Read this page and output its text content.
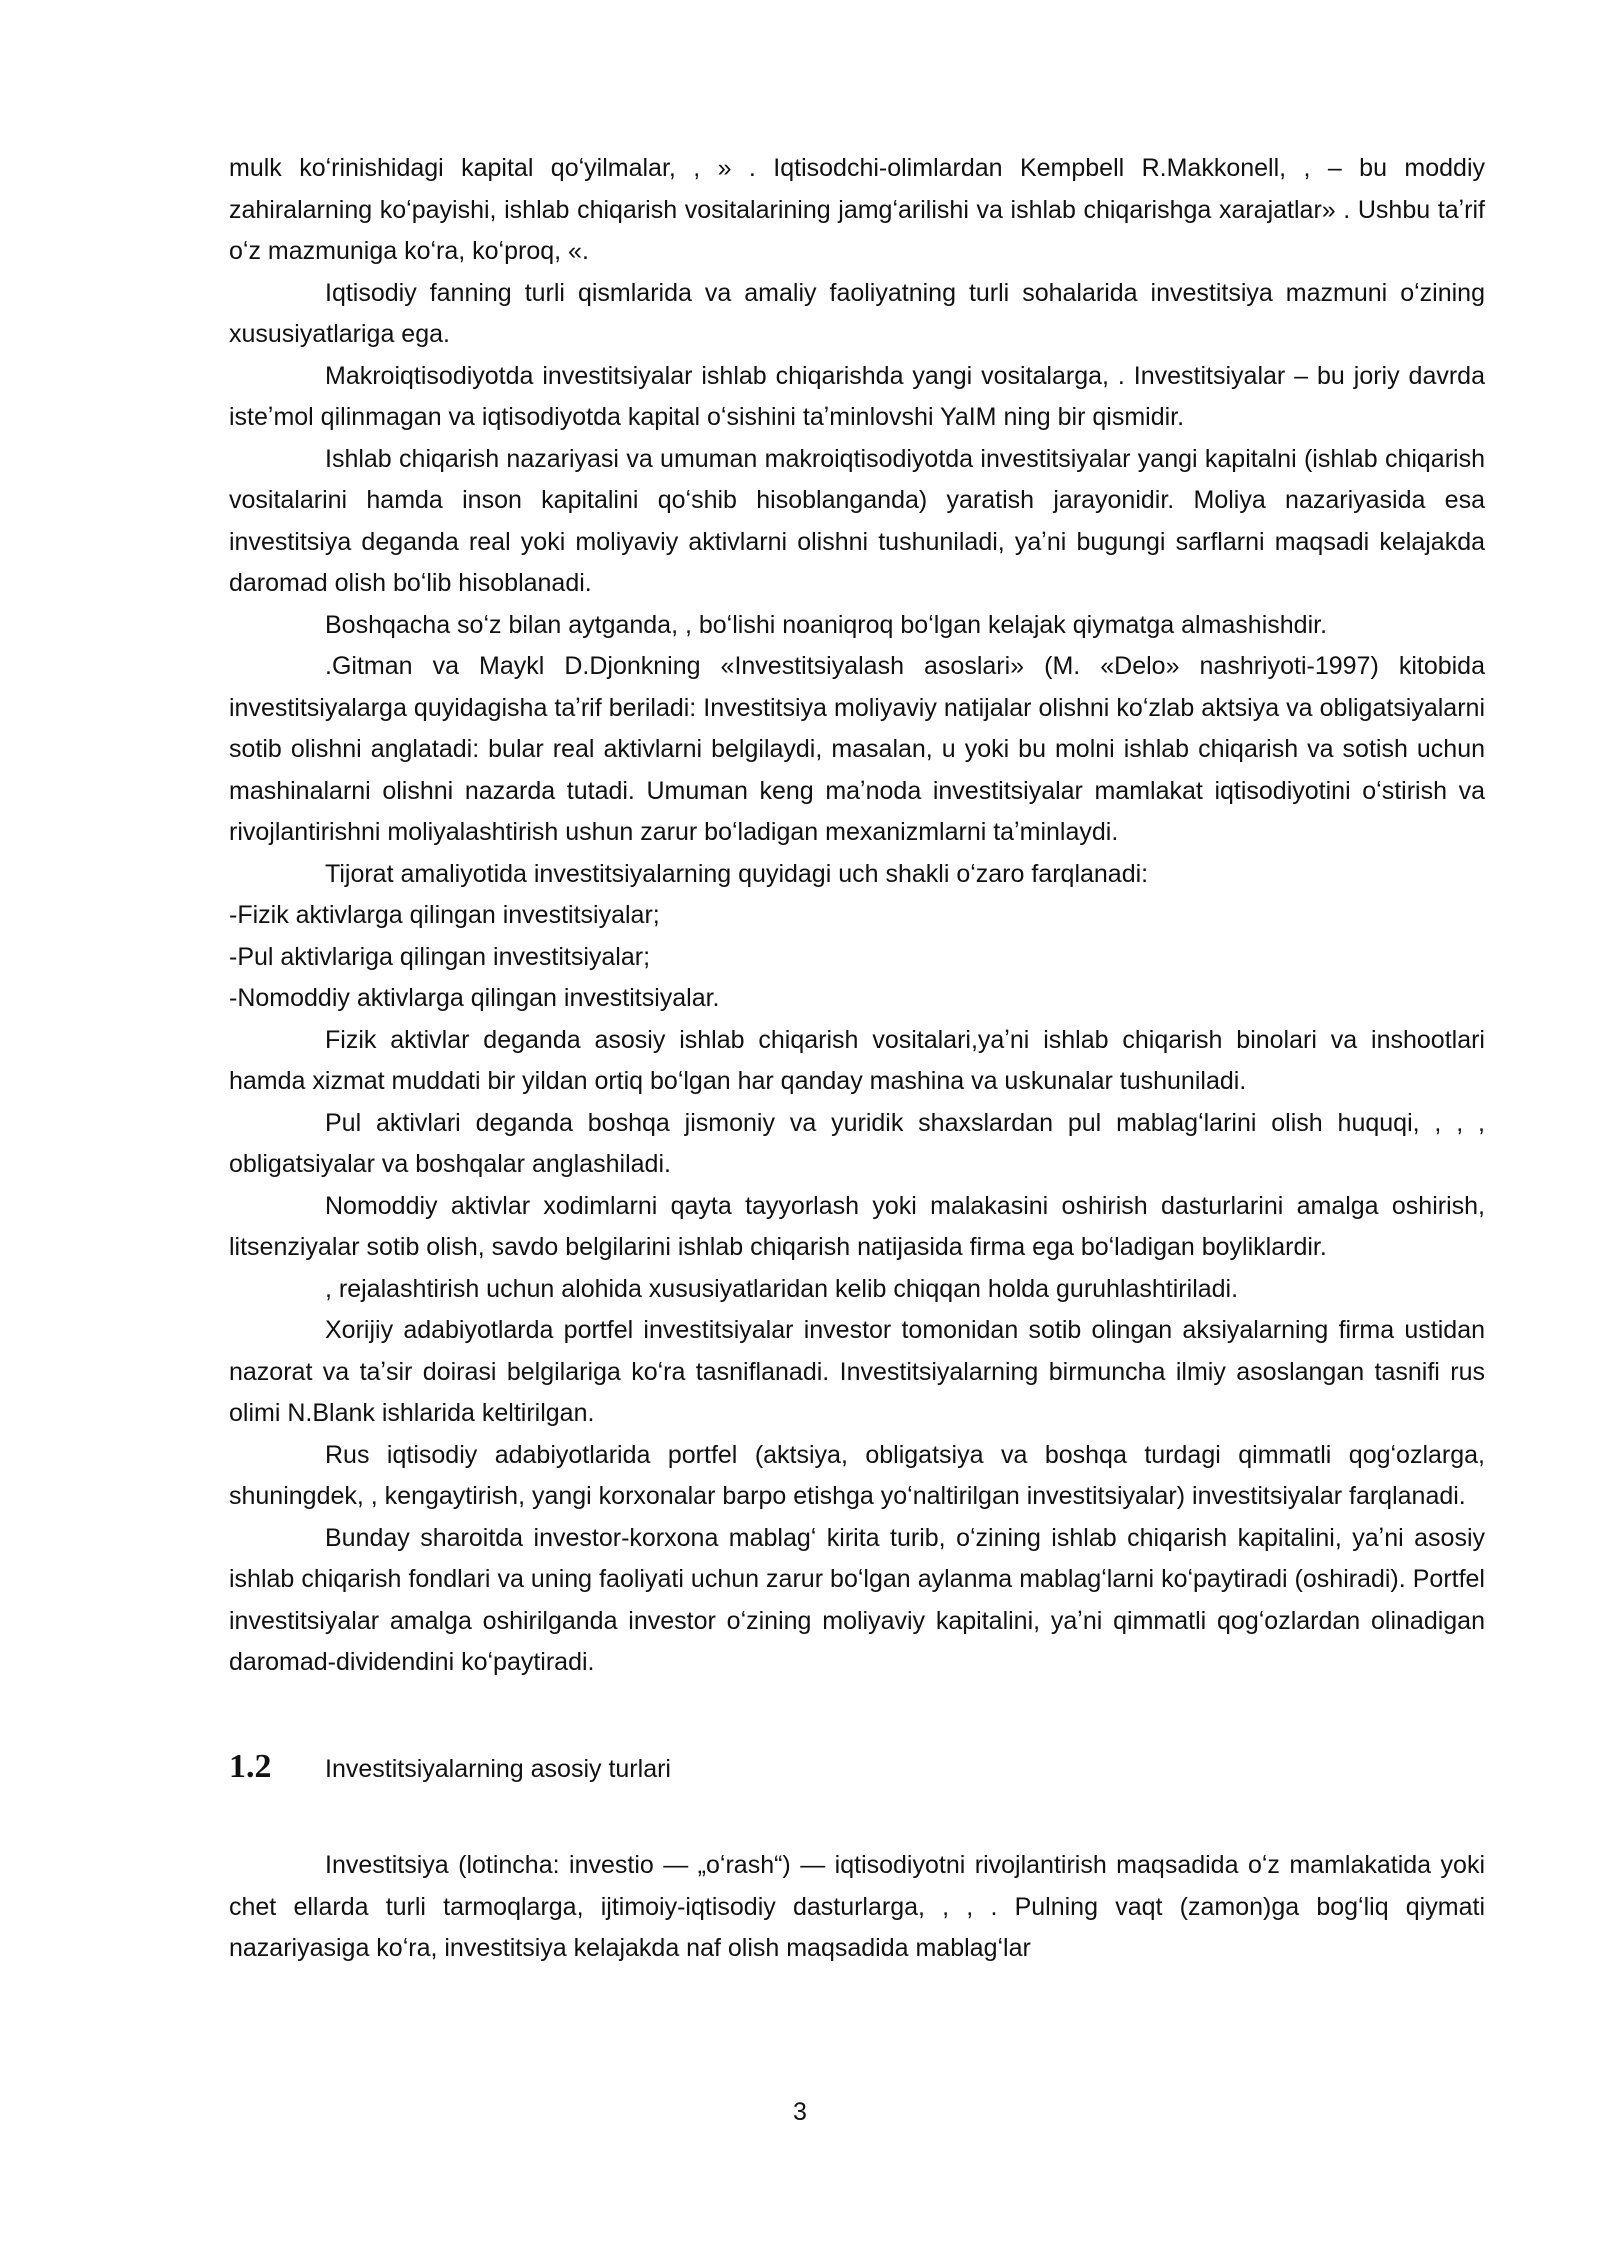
mulk koʻrinishidagi kapital qoʻyilmalar, , » . Iqtisodchi-olimlardan Kempbell R.Makkonell, , – bu moddiy zahiralarning koʻpayishi, ishlab chiqarish vositalarining jamgʻarilishi va ishlab chiqarishga xarajatlar» . Ushbu taʼrif oʻz mazmuniga koʻra, koʻproq, «.

Iqtisodiy fanning turli qismlarida va amaliy faoliyatning turli sohalarida investitsiya mazmuni oʻzining xususiyatlariga ega.

Makroiqtisodiyotda investitsiyalar ishlab chiqarishda yangi vositalarga, . Investitsiyalar – bu joriy davrda isteʼmol qilinmagan va iqtisodiyotda kapital oʻsishini taʼminlovshi YaIM ning bir qismidir.

Ishlab chiqarish nazariyasi va umuman makroiqtisodiyotda investitsiyalar yangi kapitalni (ishlab chiqarish vositalarini hamda inson kapitalini qoʻshib hisoblanganda) yaratish jarayonidir. Moliya nazariyasida esa investitsiya deganda real yoki moliyaviy aktivlarni olishni tushuniladi, yaʼni bugungi sarflarni maqsadi kelajakda daromad olish boʻlib hisoblanadi.

Boshqacha soʻz bilan aytganda, , boʻlishi noaniqroq boʻlgan kelajak qiymatga almashishdir.

.Gitman va Maykl D.Djonkning «Investitsiyalash asoslari» (M. «Delo» nashriyoti-1997) kitobida investitsiyalarga quyidagisha taʼrif beriladi: Investitsiya moliyaviy natijalar olishni koʻzlab aktsiya va obligatsiyalarni sotib olishni anglatadi: bular real aktivlarni belgilaydi, masalan, u yoki bu molni ishlab chiqarish va sotish uchun mashinalarni olishni nazarda tutadi. Umuman keng maʼnoda investitsiyalar mamlakat iqtisodiyotini oʻstirish va rivojlantirishni moliyalashtirish ushun zarur boʻladigan mexanizmlarni taʼminlaydi.

Tijorat amaliyotida investitsiyalarning quyidagi uch shakli oʻzaro farqlanadi:

-Fizik aktivlarga qilingan investitsiyalar;

-Pul aktivlariga qilingan investitsiyalar;

-Nomoddiy aktivlarga qilingan investitsiyalar.

Fizik aktivlar deganda asosiy ishlab chiqarish vositalari,yaʼni ishlab chiqarish binolari va inshootlari hamda xizmat muddati bir yildan ortiq boʻlgan har qanday mashina va uskunalar tushuniladi.

Pul aktivlari deganda boshqa jismoniy va yuridik shaxslardan pul mablagʻlarini olish huquqi, , , , obligatsiyalar va boshqalar anglashiladi.

Nomoddiy aktivlar xodimlarni qayta tayyorlash yoki malakasini oshirish dasturlarini amalga oshirish, litsenziyalar sotib olish, savdo belgilarini ishlab chiqarish natijasida firma ega boʻladigan boyliklardir.

, rejalashtirish uchun alohida xususiyatlaridan kelib chiqqan holda guruhlashtiriladi.

Xorijiy adabiyotlarda portfel investitsiyalar investor tomonidan sotib olingan aksiyalarning firma ustidan nazorat va taʼsir doirasi belgilariga koʻra tasniflanadi. Investitsiyalarning birmuncha ilmiy asoslangan tasnifi rus olimi N.Blank ishlarida keltirilgan.

Rus iqtisodiy adabiyotlarida portfel (aktsiya, obligatsiya va boshqa turdagi qimmatli qogʻozlarga, shuningdek, , kengaytirish, yangi korxonalar barpo etishga yoʻnaltirilgan investitsiyalar) investitsiyalar farqlanadi.

Bunday sharoitda investor-korxona mablagʻ kirita turib, oʻzining ishlab chiqarish kapitalini, yaʼni asosiy ishlab chiqarish fondlari va uning faoliyati uchun zarur boʻlgan aylanma mablagʻlarni koʻpaytiradi (oshiradi). Portfel investitsiyalar amalga oshirilganda investor oʻzining moliyaviy kapitalini, yaʼni qimmatli qogʻozlardan olinadigan daromad-dividendini koʻpaytiradi.

1.2	Investitsiyalarning asosiy turlari

Investitsiya (lotincha: investio — „oʻrash“) — iqtisodiyotni rivojlantirish maqsadida oʻz mamlakatida yoki chet ellarda turli tarmoqlarga, ijtimoiy-iqtisodiy dasturlarga, , , . Pulning vaqt (zamon)ga bogʻliq qiymati nazariyasiga koʻra, investitsiya kelajakda naf olish maqsadida mablagʻlar

3
